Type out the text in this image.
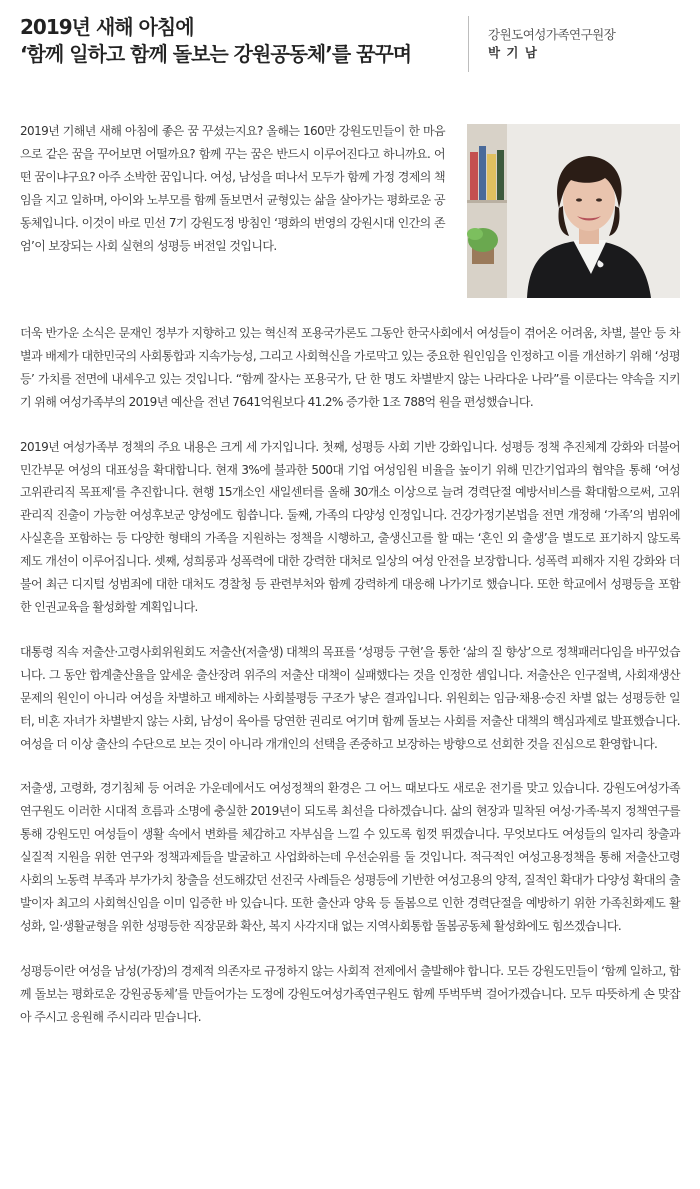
2019년 새해 아침에
‘함께 일하고 함께 돌보는 강원공동체’를 꿈꾸며
강원도여성가족연구원장
박 기 남

2019년 기해년 새해 아침에 좋은 꿈 꾸셨는지요? 올해는 160만 강원도민들이 한 마음으로 같은 꿈을 꾸어보면 어떨까요? 함께 꾸는 꿈은 반드시 이루어진다고 하니까요. 어떤 꿈이냐구요? 아주 소박한 꿈입니다. 여성, 남성을 떠나서 모두가 함께 가정 경제의 책임을 지고 일하며, 아이와 노부모를 함께 돌보면서 균형있는 삶을 살아가는 평화로운 공동체입니다. 이것이 바로 민선 7기 강원도정 방침인 ‘평화의 번영의 강원시대 인간의 존엄’이 보장되는 사회 실현의 성평등 버전일 것입니다.

더욱 반가운 소식은 문재인 정부가 지향하고 있는 혁신적 포용국가론도 그동안 한국사회에서 여성들이 겪어온 어려움, 차별, 불안 등 차별과 배제가 대한민국의 사회통합과 지속가능성, 그리고 사회혁신을 가로막고 있는 중요한 원인임을 인정하고 이를 개선하기 위해 ‘성평등’ 가치를 전면에 내세우고 있는 것입니다. “함께 잘사는 포용국가, 단 한 명도 차별받지 않는 나라다운 나라”를 이룬다는 약속을 지키기 위해 여성가족부의 2019년 예산을 전년 7641억원보다 41.2% 증가한 1조 788억 원을 편성했습니다.

2019년 여성가족부 정책의 주요 내용은 크게 세 가지입니다. 첫째, 성평등 사회 기반 강화입니다. 성평등 정책 추진체계 강화와 더불어 민간부문 여성의 대표성을 확대합니다. 현재 3%에 불과한 500대 기업 여성임원 비율을 높이기 위해 민간기업과의 협약을 통해 ‘여성 고위관리직 목표제’를 추진합니다. 현행 15개소인 새일센터를 올해 30개소 이상으로 늘려 경력단절 예방서비스를 확대함으로써, 고위관리직 진출이 가능한 여성후보군 양성에도 힘씁니다. 둘째, 가족의 다양성 인정입니다. 건강가정기본법을 전면 개정해 ‘가족’의 범위에 사실혼을 포함하는 등 다양한 형태의 가족을 지원하는 정책을 시행하고, 출생신고를 할 때는 ‘혼인 외 출생’을 별도로 표기하지 않도록 제도 개선이 이루어집니다. 셋째, 성희롱과 성폭력에 대한 강력한 대처로 일상의 여성 안전을 보장합니다. 성폭력 피해자 지원 강화와 더불어 최근 디지털 성범죄에 대한 대처도 경찰청 등 관련부처와 함께 강력하게 대응해 나가기로 했습니다. 또한 학교에서 성평등을 포함한 인권교육을 활성화할 계획입니다.

대통령 직속 저출산·고령사회위원회도 저출산(저출생) 대책의 목표를 ‘성평등 구현’을 통한 ‘삶의 질 향상’으로 정책패러다임을 바꾸었습니다. 그 동안 합계출산율을 앞세운 출산장려 위주의 저출산 대책이 실패했다는 것을 인정한 셈입니다. 저출산은 인구절벽, 사회재생산 문제의 원인이 아니라 여성을 차별하고 배제하는 사회불평등 구조가 낳은 결과입니다. 위원회는 임금·채용·승진 차별 없는 성평등한 일터, 비혼 자녀가 차별받지 않는 사회, 남성이 육아를 당연한 권리로 여기며 함께 돌보는 사회를 저출산 대책의 핵심과제로 발표했습니다. 여성을 더 이상 출산의 수단으로 보는 것이 아니라 개개인의 선택을 존중하고 보장하는 방향으로 선회한 것을 진심으로 환영합니다.

저출생, 고령화, 경기침체 등 어려운 가운데에서도 여성정책의 환경은 그 어느 때보다도 새로운 전기를 맞고 있습니다. 강원도여성가족연구원도 이러한 시대적 흐름과 소명에 충실한 2019년이 되도록 최선을 다하겠습니다. 삶의 현장과 밀착된 여성·가족·복지 정책연구를 통해 강원도민 여성들이 생활 속에서 변화를 체감하고 자부심을 느낄 수 있도록 힘껏 뛰겠습니다. 무엇보다도 여성들의 일자리 창출과 실질적 지원을 위한 연구와 정책과제들을 발굴하고 사업화하는데 우선순위를 둘 것입니다. 적극적인 여성고용정책을 통해 저출산고령사회의 노동력 부족과 부가가치 창출을 선도해갔던 선진국 사례들은 성평등에 기반한 여성고용의 양적, 질적인 확대가 다양성 확대의 출발이자 최고의 사회혁신임을 이미 입증한 바 있습니다. 또한 출산과 양육 등 돌봄으로 인한 경력단절을 예방하기 위한 가족친화제도 활성화, 일·생활균형을 위한 성평등한 직장문화 확산, 복지 사각지대 없는 지역사회통합 돌봄공동체 활성화에도 힘쓰겠습니다.

성평등이란 여성을 남성(가장)의 경제적 의존자로 규정하지 않는 사회적 전제에서 출발해야 합니다. 모든 강원도민들이 ‘함께 일하고, 함께 돌보는 평화로운 강원공동체’를 만들어가는 도정에 강원도여성가족연구원도 함께 뚜벅뚜벅 걸어가겠습니다. 모두 따뜻하게 손 맞잡아 주시고 응원해 주시리라 믿습니다.
